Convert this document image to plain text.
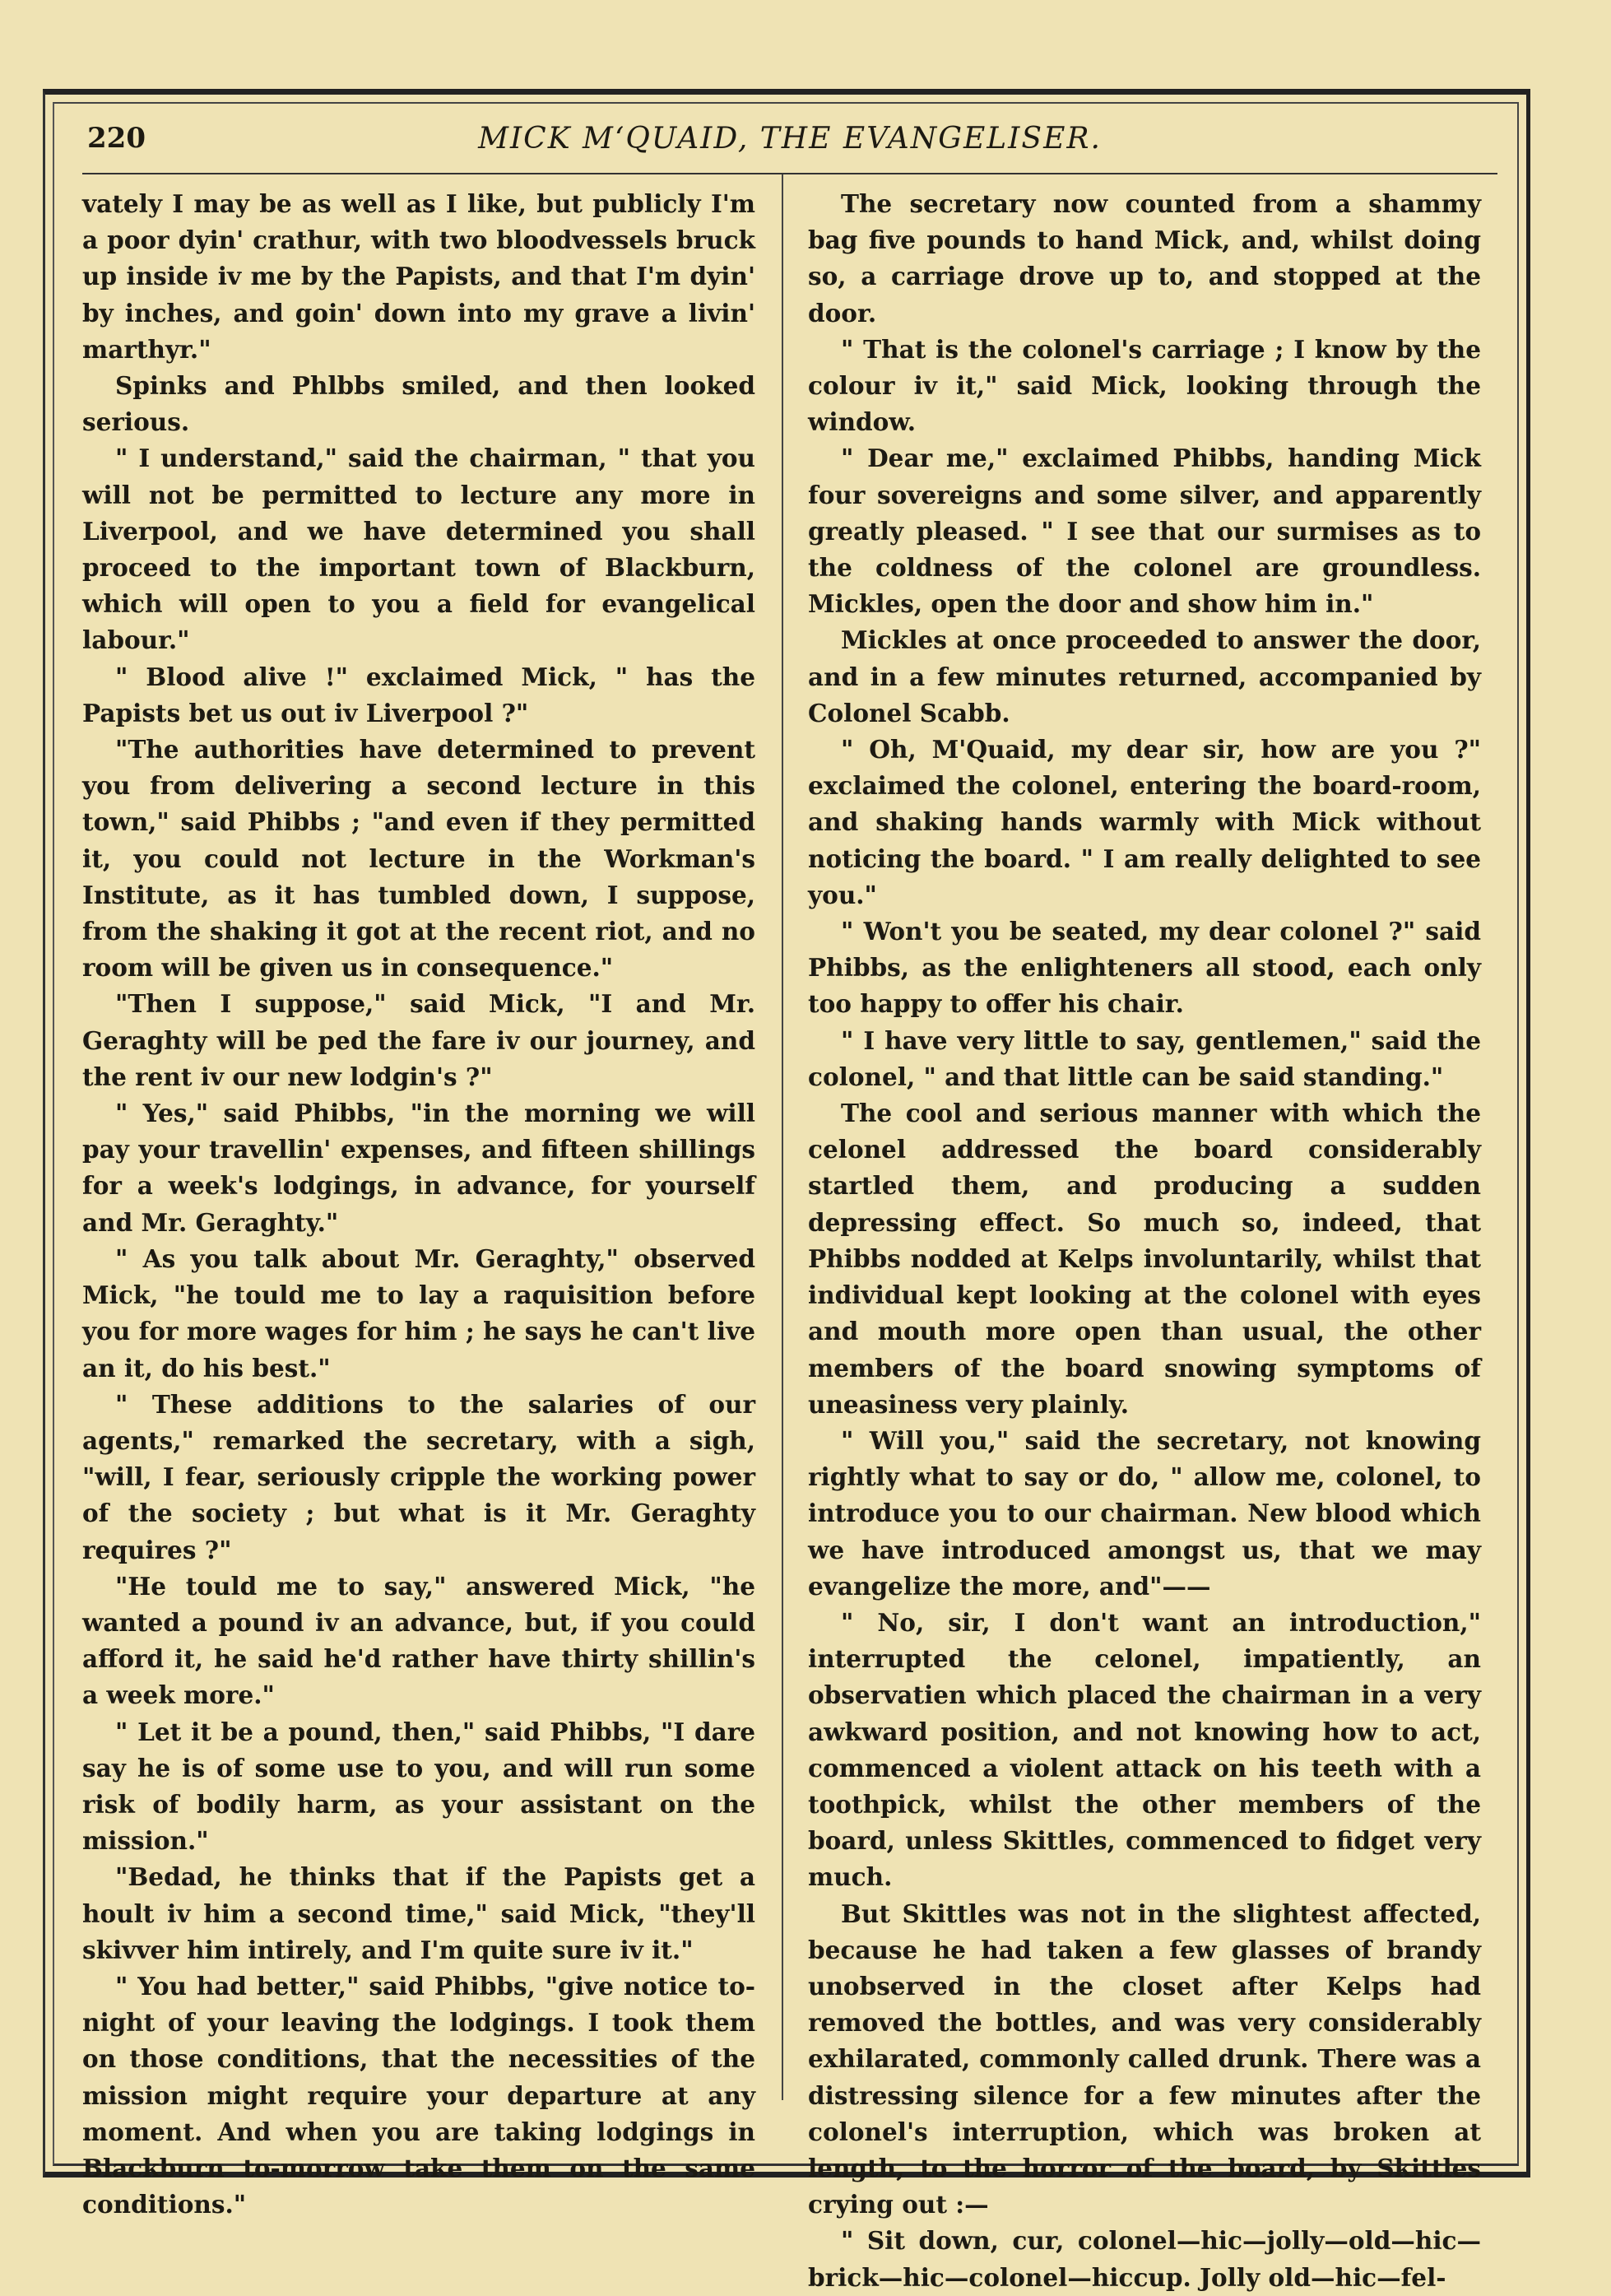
220	MICK M‘QUAID, THE EVANGELISER.

vately I may be as well as I like, but publicly I'm a poor dyin' crathur, with two bloodvessels bruck up inside iv me by the Papists, and that I'm dyin' by inches, and goin' down into my grave a livin' marthyr."

Spinks and Phlbbs smiled, and then looked serious.

" I understand," said the chairman, " that you will not be permitted to lecture any more in Liverpool, and we have determined you shall proceed to the important town of Blackburn, which will open to you a field for evangelical labour."

" Blood alive !" exclaimed Mick, " has the Papists bet us out iv Liverpool ?"

"The authorities have determined to prevent you from delivering a second lecture in this town," said Phibbs ; "and even if they permitted it, you could not lecture in the Workman's Institute, as it has tumbled down, I suppose, from the shaking it got at the recent riot, and no room will be given us in consequence."

"Then I suppose," said Mick, "I and Mr. Geraghty will be ped the fare iv our journey, and the rent iv our new lodgin's ?"

" Yes," said Phibbs, "in the morning we will pay your travellin' expenses, and fifteen shillings for a week's lodgings, in advance, for yourself and Mr. Geraghty."

" As you talk about Mr. Geraghty," observed Mick, "he tould me to lay a raquisition before you for more wages for him ; he says he can't live an it, do his best."

" These additions to the salaries of our agents," remarked the secretary, with a sigh, "will, I fear, seriously cripple the working power of the society ; but what is it Mr. Geraghty requires ?"

"He tould me to say," answered Mick, "he wanted a pound iv an advance, but, if you could afford it, he said he'd rather have thirty shillin's a week more."

" Let it be a pound, then," said Phibbs, "I dare say he is of some use to you, and will run some risk of bodily harm, as your assistant on the mission."

"Bedad, he thinks that if the Papists get a hoult iv him a second time," said Mick, "they'll skivver him intirely, and I'm quite sure iv it."

" You had better," said Phibbs, "give notice to-night of your leaving the lodgings. I took them on those conditions, that the necessities of the mission might require your departure at any moment. And when you are taking lodgings in Blackburn to-morrow take them on the same conditions."

The secretary now counted from a shammy bag five pounds to hand Mick, and, whilst doing so, a carriage drove up to, and stopped at the door.

" That is the colonel's carriage ; I know by the colour iv it," said Mick, looking through the window.

" Dear me," exclaimed Phibbs, handing Mick four sovereigns and some silver, and apparently greatly pleased. " I see that our surmises as to the coldness of the colonel are groundless. Mickles, open the door and show him in."

Mickles at once proceeded to answer the door, and in a few minutes returned, accompanied by Colonel Scabb.

" Oh, M'Quaid, my dear sir, how are you ?" exclaimed the colonel, entering the board-room, and shaking hands warmly with Mick without noticing the board. " I am really delighted to see you."

" Won't you be seated, my dear colonel ?" said Phibbs, as the enlighteners all stood, each only too happy to offer his chair.

" I have very little to say, gentlemen," said the colonel, " and that little can be said standing."

The cool and serious manner with which the celonel addressed the board considerably startled them, and producing a sudden depressing effect. So much so, indeed, that Phibbs nodded at Kelps involuntarily, whilst that individual kept looking at the colonel with eyes and mouth more open than usual, the other members of the board snowing symptoms of uneasiness very plainly.

" Will you," said the secretary, not knowing rightly what to say or do, " allow me, colonel, to introduce you to our chairman. New blood which we have introduced amongst us, that we may evangelize the more, and"——

" No, sir, I don't want an introduction," interrupted the celonel, impatiently, an observatien which placed the chairman in a very awkward position, and not knowing how to act, commenced a violent attack on his teeth with a toothpick, whilst the other members of the board, unless Skittles, commenced to fidget very much.

But Skittles was not in the slightest affected, because he had taken a few glasses of brandy unobserved in the closet after Kelps had removed the bottles, and was very considerably exhilarated, commonly called drunk. There was a distressing silence for a few minutes after the colonel's interruption, which was broken at length, to the horror of the board, by Skittles crying out :—

" Sit down, cur, colonel—hic—jolly—old—hic—brick—hic—colonel—hiccup. Jolly old—hic—fel-
